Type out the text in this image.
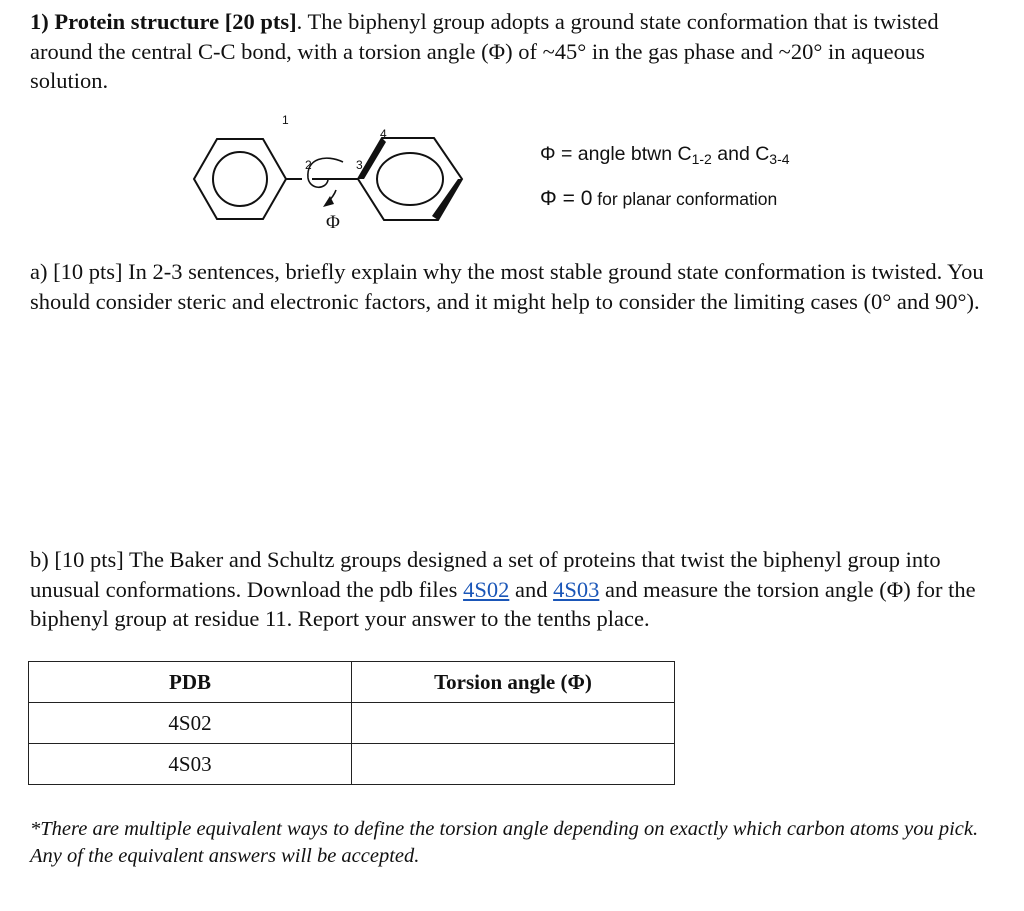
1) Protein structure [20 pts]. The biphenyl group adopts a ground state conformation that is twisted around the central C-C bond, with a torsion angle (Φ) of ~45° in the gas phase and ~20° in aqueous solution.

1
2	3
4
Φ
Φ = angle btwn $C_{1-2}$ and $C_{3-4}$
Φ = 0 for planar conformation

a) [10 pts] In 2-3 sentences, briefly explain why the most stable ground state conformation is twisted. You should consider steric and electronic factors, and it might help to consider the limiting cases (0° and 90°).

b) [10 pts] The Baker and Schultz groups designed a set of proteins that twist the biphenyl group into unusual conformations. Download the pdb files 4S02 and 4S03 and measure the torsion angle (Φ) for the biphenyl group at residue 11. Report your answer to the tenths place.

PDB	Torsion angle (Φ)
4S02	
4S03	

*There are multiple equivalent ways to define the torsion angle depending on exactly which carbon atoms you pick. Any of the equivalent answers will be accepted.
